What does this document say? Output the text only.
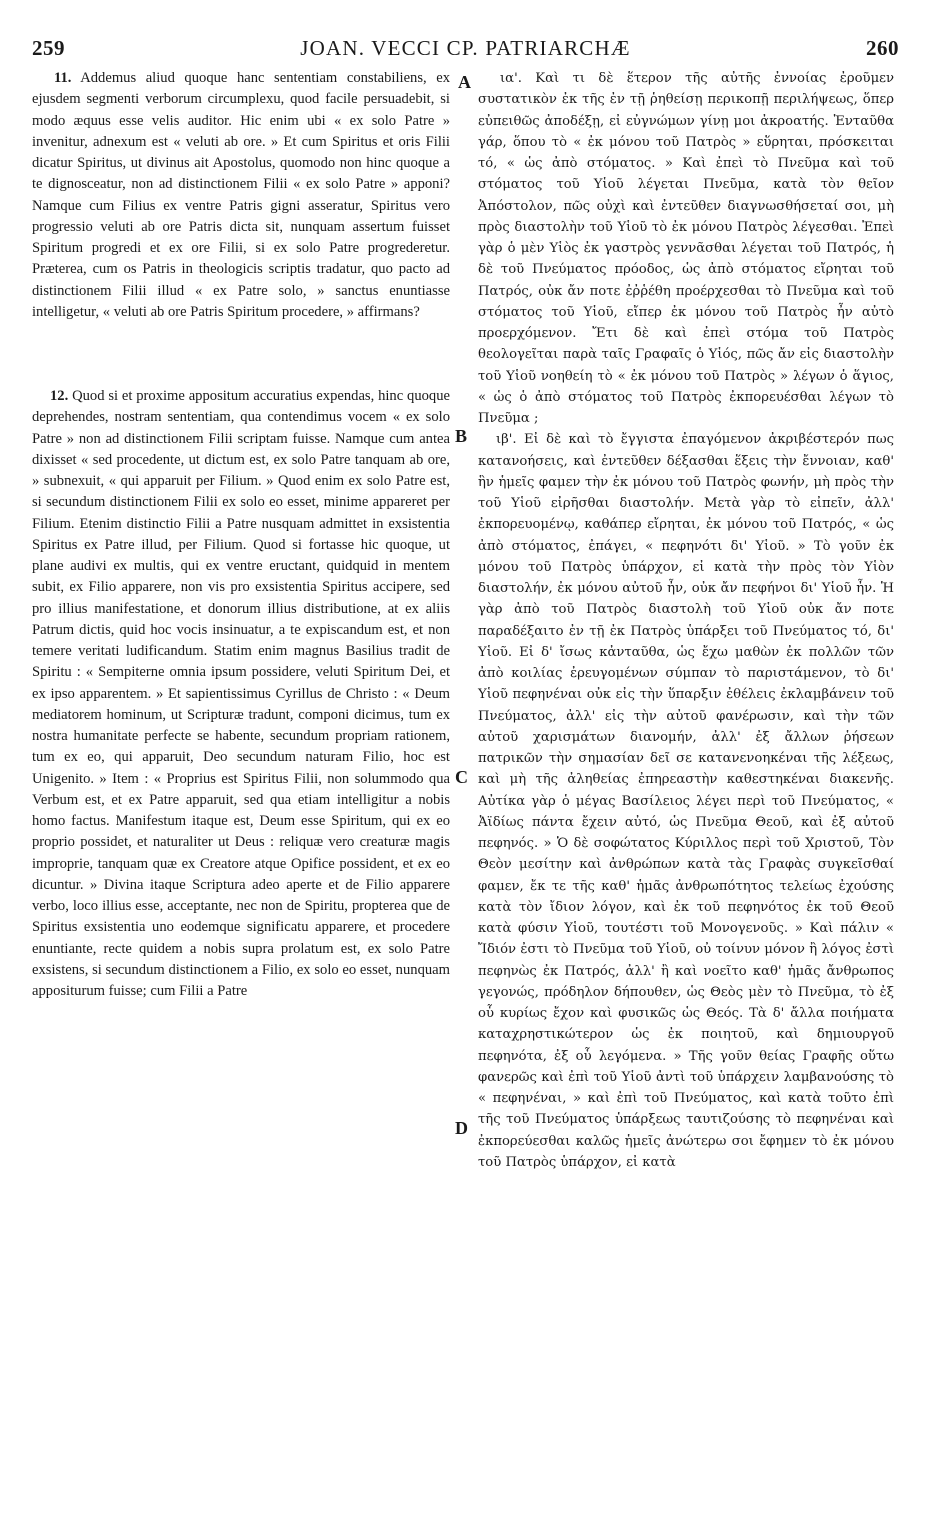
259	JOAN. VECCI CP. PATRIARCHÆ	260
A
B
C
D

11. Addemus aliud quoque hanc sententiam constabiliens, ex ejusdem segmenti verborum circumplexu, quod facile persuadebit, si modo æquus esse velis auditor. Hic enim ubi « ex solo Patre » invenitur, adnexum est « veluti ab ore. » Et cum Spiritus et oris Filii dicatur Spiritus, ut divinus ait Apostolus, quomodo non hinc quoque a te dignosceatur, non ad distinctionem Filii « ex solo Patre » apponi? Namque cum Filius ex ventre Patris gigni asseratur, Spiritus vero progressio veluti ab ore Patris dicta sit, nunquam assertum fuisset Spiritum progredi et ex ore Filii, si ex solo Patre progrederetur. Præterea, cum os Patris in theologicis scriptis tradatur, quo pacto ad distinctionem Filii illud « ex Patre solo, » sanctus enuntiasse intelligetur, « veluti ab ore Patris Spiritum procedere, » affirmans?

12. Quod si et proxime appositum accuratius expendas, hinc quoque deprehendes, nostram sententiam, qua contendimus vocem « ex solo Patre » non ad distinctionem Filii scriptam fuisse. Namque cum antea dixisset « sed procedente, ut dictum est, ex solo Patre tanquam ab ore, » subnexuit, « qui apparuit per Filium. » Quod enim ex solo Patre est, si secundum distinctionem Filii ex solo eo esset, minime appareret per Filium. Etenim distinctio Filii a Patre nusquam admittet in exsistentia Spiritus ex Patre illud, per Filium. Quod si fortasse hic quoque, ut plane audivi ex multis, qui ex ventre eructant, quidquid in mentem subit, ex Filio apparere, non vis pro exsistentia Spiritus accipere, sed pro illius manifestatione, et donorum illius distributione, at ex aliis Patrum dictis, quid hoc vocis insinuatur, a te expiscandum est, et non temere veritati ludificandum. Statim enim magnus Basilius tradit de Spiritu : « Sempiterne omnia ipsum possidere, veluti Spiritum Dei, et ex ipso apparentem. » Et sapientissimus Cyrillus de Christo : « Deum mediatorem hominum, ut Scripturæ tradunt, componi dicimus, tum ex nostra humanitate perfecte se habente, secundum propriam rationem, tum ex eo, qui apparuit, Deo secundum naturam Filio, hoc est Unigenito. » Item : « Proprius est Spiritus Filii, non solummodo qua Verbum est, et ex Patre apparuit, sed qua etiam intelligitur a nobis homo factus. Manifestum itaque est, Deum esse Spiritum, qui ex eo proprio possidet, et naturaliter ut Deus : reliquæ vero creaturæ magis improprie, tanquam quæ ex Creatore atque Opifice possident, et ex eo dicuntur. » Divina itaque Scriptura adeo aperte et de Filio apparere verbo, loco illius esse, acceptante, nec non de Spiritu, propterea que de Spiritus exsistentia uno eodemque significatu apparere, et procedere enuntiante, recte quidem a nobis supra prolatum est, ex solo Patre exsistens, si secundum distinctionem a Filio, ex solo eo esset, nunquam appositurum fuisse; cum Filii a Patre

ια'. Καὶ τι δὲ ἕτερον τῆς αὐτῆς ἐννοίας ἐροῦμεν συστατικὸν ἐκ τῆς ἐν τῇ ῥηθείσῃ περικοπῇ περιλήψεως, ὅπερ εὐπειθῶς ἀποδέξῃ, εἰ εὐγνώμων γίνῃ μοι ἀκροατής. Ἐνταῦθα γάρ, ὅπου τὸ « ἐκ μόνου τοῦ Πατρὸς » εὕρηται, πρόσκειται τό, « ὡς ἀπὸ στόματος. » Καὶ ἐπεὶ τὸ Πνεῦμα καὶ τοῦ στόματος τοῦ Υἱοῦ λέγεται Πνεῦμα, κατὰ τὸν θεῖον Ἀπόστολον, πῶς οὐχὶ καὶ ἐντεῦθεν διαγνωσθήσεταί σοι, μὴ πρὸς διαστολὴν τοῦ Υἱοῦ τὸ ἐκ μόνου Πατρὸς λέγεσθαι. Ἐπεὶ γὰρ ὁ μὲν Υἱὸς ἐκ γαστρὸς γεννᾶσθαι λέγεται τοῦ Πατρός, ἡ δὲ τοῦ Πνεύματος πρόοδος, ὡς ἀπὸ στόματος εἴρηται τοῦ Πατρός, οὐκ ἄν ποτε ἐῤῥέθη προέρχεσθαι τὸ Πνεῦμα καὶ τοῦ στόματος τοῦ Υἱοῦ, εἴπερ ἐκ μόνου τοῦ Πατρὸς ἦν αὐτὸ προερχόμενον. Ἔτι δὲ καὶ ἐπεὶ στόμα τοῦ Πατρὸς θεολογεῖται παρὰ ταῖς Γραφαῖς ὁ Υἱός, πῶς ἄν εἰς διαστολὴν τοῦ Υἱοῦ νοηθείη τὸ « ἐκ μόνου τοῦ Πατρὸς » λέγων ὁ ἅγιος, « ὡς ὁ ἀπὸ στόματος τοῦ Πατρὸς ἐκπορευέσθαι λέγων τὸ Πνεῦμα ;

ιβ'. Εἰ δὲ καὶ τὸ ἔγγιστα ἐπαγόμενον ἀκριβέστερόν πως κατανοήσεις, καὶ ἐντεῦθεν δέξασθαι ἕξεις τὴν ἔννοιαν, καθ' ἣν ἡμεῖς φαμεν τὴν ἐκ μόνου τοῦ Πατρὸς φωνήν, μὴ πρὸς τὴν τοῦ Υἱοῦ εἰρῆσθαι διαστολήν. Μετὰ γὰρ τὸ εἰπεῖν, ἀλλ' ἐκπορευομένῳ, καθάπερ εἴρηται, ἐκ μόνου τοῦ Πατρός, « ὡς ἀπὸ στόματος, ἐπάγει, « πεφηνότι δι' Υἱοῦ. » Τὸ γοῦν ἐκ μόνου τοῦ Πατρὸς ὑπάρχον, εἰ κατὰ τὴν πρὸς τὸν Υἱὸν διαστολήν, ἐκ μόνου αὐτοῦ ἦν, οὐκ ἄν πεφήνοι δι' Υἱοῦ ἦν. Ἡ γὰρ ἀπὸ τοῦ Πατρὸς διαστολὴ τοῦ Υἱοῦ οὐκ ἄν ποτε παραδέξαιτο ἐν τῇ ἐκ Πατρὸς ὑπάρξει τοῦ Πνεύματος τό, δι' Υἱοῦ. Εἰ δ' ἴσως κἀνταῦθα, ὡς ἔχω μαθὼν ἐκ πολλῶν τῶν ἀπὸ κοιλίας ἐρευγομένων σύμπαν τὸ παριστάμενον, τὸ δι' Υἱοῦ πεφηνέναι οὐκ εἰς τὴν ὕπαρξιν ἐθέλεις ἐκλαμβάνειν τοῦ Πνεύματος, ἀλλ' εἰς τὴν αὐτοῦ φανέρωσιν, καὶ τὴν τῶν αὐτοῦ χαρισμάτων διανομήν, ἀλλ' ἐξ ἄλλων ῥήσεων πατρικῶν τὴν σημασίαν δεῖ σε κατανενοηκέναι τῆς λέξεως, καὶ μὴ τῆς ἀληθείας ἐπηρεαστὴν καθεστηκέναι διακενῆς. Αὐτίκα γὰρ ὁ μέγας Βασίλειος λέγει περὶ τοῦ Πνεύματος, « Ἀϊδίως πάντα ἔχειν αὐτό, ὡς Πνεῦμα Θεοῦ, καὶ ἐξ αὐτοῦ πεφηνός. » Ὁ δὲ σοφώτατος Κύριλλος περὶ τοῦ Χριστοῦ, Τὸν Θεὸν μεσίτην καὶ ἀνθρώπων κατὰ τὰς Γραφὰς συγκεῖσθαί φαμεν, ἔκ τε τῆς καθ' ἡμᾶς ἀνθρωπότητος τελείως ἐχούσης κατὰ τὸν ἴδιον λόγον, καὶ ἐκ τοῦ πεφηνότος ἐκ τοῦ Θεοῦ κατὰ φύσιν Υἱοῦ, τουτέστι τοῦ Μονογενοῦς. » Καὶ πάλιν « Ἴδιόν ἐστι τὸ Πνεῦμα τοῦ Υἱοῦ, οὐ τοίνυν μόνον ἢ λόγος ἐστὶ πεφηνὼς ἐκ Πατρός, ἀλλ' ἢ καὶ νοεῖτο καθ' ἡμᾶς ἄνθρωπος γεγονώς, πρόδηλον δήπουθεν, ὡς Θεὸς μὲν τὸ Πνεῦμα, τὸ ἐξ οὗ κυρίως ἔχον καὶ φυσικῶς ὡς Θεός. Τὰ δ' ἄλλα ποιήματα καταχρηστικώτερον ὡς ἐκ ποιητοῦ, καὶ δημιουργοῦ πεφηνότα, ἐξ οὗ λεγόμενα. » Τῆς γοῦν θείας Γραφῆς οὕτω φανερῶς καὶ ἐπὶ τοῦ Υἱοῦ ἀντὶ τοῦ ὑπάρχειν λαμβανούσης τὸ « πεφηνέναι, » καὶ ἐπὶ τοῦ Πνεύματος, καὶ κατὰ τοῦτο ἐπὶ τῆς τοῦ Πνεύματος ὑπάρξεως ταυτιζούσης τὸ πεφηνέναι καὶ ἐκπορεύεσθαι καλῶς ἡμεῖς ἀνώτερω σοι ἔφημεν τὸ ἐκ μόνου τοῦ Πατρὸς ὑπάρχον, εἰ κατὰ
